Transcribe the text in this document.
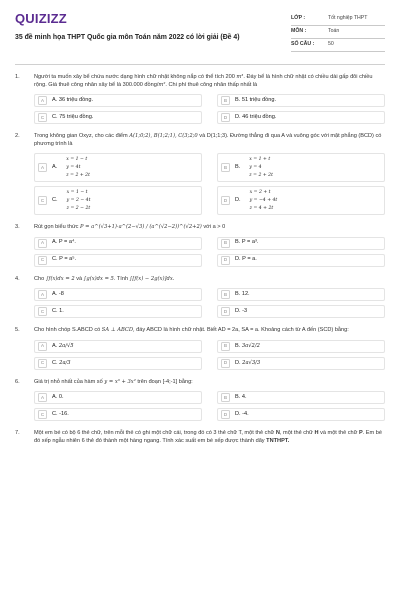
QUIZIZZ
35 đề minh họa THPT Quốc gia môn Toán năm 2022 có lời giải (Đề 4)
LỚP :	Tốt nghiệp THPT
MÔN :	Toán
SỐ CÂU :	50
1.	Người ta muốn xây bể chứa nước dạng hình chữ nhật không nắp có thể tích 200 m³. Đáy bể là hình chữ nhật có chiều dài gấp đôi chiều rộng. Giá thuê công nhân xây bể là 300.000 đồng/m². Chi phí thuê công nhân thấp nhất là
A	A. 36 triệu đồng.	B	B. 51 triệu đồng.
C	C. 75 triệu đồng.	D	D. 46 triệu đồng.
2.	Trong không gian Oxyz, cho các điểm A(1;0;2), B(1;2;1), C(3;2;0 và D(1;1;3). Đường thẳng đi qua A và vuông góc với mặt phẳng (BCD) có phương trình là
A	A.
x = 1 − t
y = 4t
z = 2 + 2t
B	B.
x = 1 + t
y = 4
z = 2 + 2t
C	C.
x = 1 − t
y = 2 − 4t
z = 2 − 2t
D	D.
x = 2 + t
y = −4 + 4t
z = 4 + 2t
3.	Rút gọn biểu thức P = a^(√3+1)·a^(2−√3) / (a^(√2−2))^(√2+2) với a > 0
A	A. P = a⁴.	B	B. P = a³.
C	C. P = a⁵.	D	D. P = a.
4.	Cho ∫f(x)dx = 2 và ∫g(x)dx = 5. Tính ∫[f(x) − 2g(x)]dx.
A	A. -8	B	B. 12.
C	C. 1.	D	D. -3
5.	Cho hình chóp S.ABCD có SA ⊥ ABCD, đáy ABCD là hình chữ nhật. Biết AD = 2a, SA = a. Khoảng cách từ A đến (SCD) bằng:
A	A.
2a/√5	B	B.
3a√2/2
C	C.
2a/3	D	D.
2a√3/3
6.	Giá trị nhỏ nhất của hàm số y = x³ + 3x² trên đoạn [-4;-1] bằng:
A	A. 0.	B	B. 4.
C	C. -16.	D	D. -4.
7.	Một em bé có bộ 6 thẻ chữ, trên mỗi thẻ có ghi một chữ cái, trong đó có 3 thẻ chữ T, một thẻ chữ N, một thẻ chữ H và một thẻ chữ P. Em bé đó xếp ngẫu nhiên 6 thẻ đó thành một hàng ngang. Tính xác suất em bé xếp được thành dãy TNTHPT.
